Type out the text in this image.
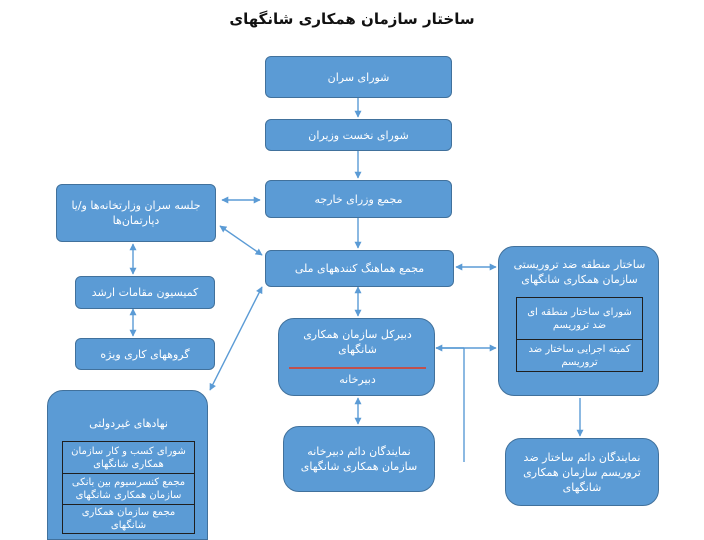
ساختار سازمان همکاری شانگهای
شورای سران
شورای نخست وزیران
مجمع وزرای خارجه
جلسه سران وزارتخانه‌ها و/یا دپارتمان‌ها
کمیسیون مقامات ارشد
گروههای کاری ویژه
مجمع هماهنگ کنندههای ملی
دبیرکل سازمان همکاری شانگهای
دبیرخانه
نمایندگان دائم دبیرخانه سازمان همکاری شانگهای
ساختار منطقه ضد تروریستی سازمان همکاری شانگهای
شورای ساختار منطقه ای ضد تروریسم
کمیته اجرایی ساختار ضد تروریسم
نمایندگان دائم ساختار ضد تروریسم سازمان همکاری شانگهای
نهادهای غیردولتی
شورای کسب و کار سازمان همکاری شانگهای
مجمع کنسرسیوم بین بانکی سازمان همکاری شانگهای
مجمع سازمان همکاری شانگهای
